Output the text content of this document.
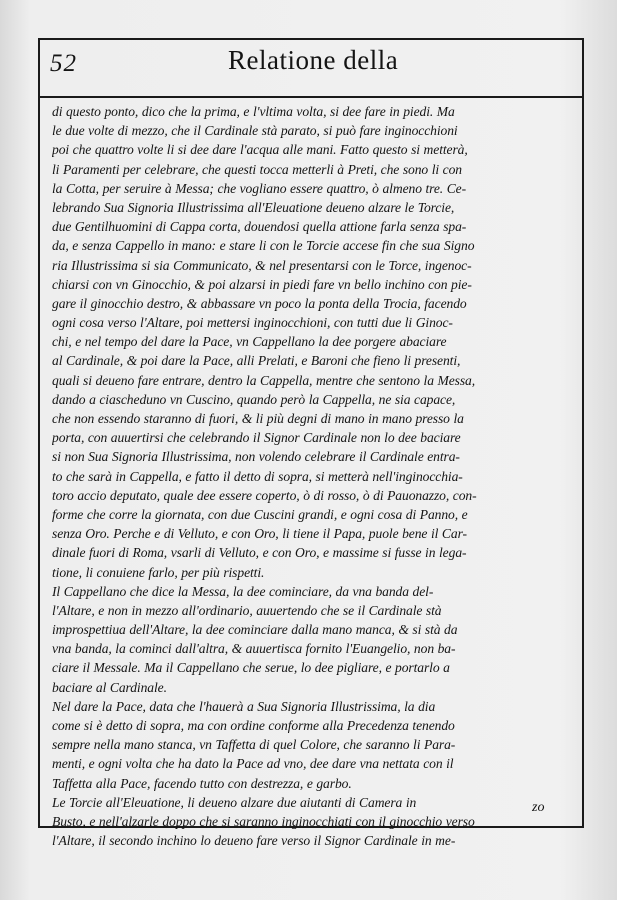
52	Relatione della
di questo ponto, dico che la prima, e l'vltima volta, si dee fare in piedi. Ma
le due volte di mezzo, che il Cardinale stà parato, si può fare inginocchioni
poi che quattro volte li si dee dare l'acqua alle mani. Fatto questo si metterà,
li Paramenti per celebrare, che questi tocca metterli à Preti, che sono li con
la Cotta, per seruire à Messa; che vogliano essere quattro, ò almeno tre. Ce-
lebrando Sua Signoria Illustrissima all'Eleuatione deueno alzare le Torcie,
due Gentilhuomini di Cappa corta, douendosi quella attione farla senza spa-
da, e senza Cappello in mano: e stare li con le Torcie accese fin che sua Signo
ria Illustrissima si sia Communicato, & nel presentarsi con le Torce, ingenoc-
chiarsi con vn Ginocchio, & poi alzarsi in piedi fare vn bello inchino con pie-
gare il ginocchio destro, & abbassare vn poco la ponta della Trocia, facendo
ogni cosa verso l'Altare, poi mettersi inginocchioni, con tutti due li Ginoc-
chi, e nel tempo del dare la Pace, vn Cappellano la dee porgere abaciare
al Cardinale, & poi dare la Pace, alli Prelati, e Baroni che fieno li presenti,
quali si deueno fare entrare, dentro la Cappella, mentre che sentono la Messa,
dando a ciascheduno vn Cuscino, quando però la Cappella, ne sia capace,
che non essendo staranno di fuori, & li più degni di mano in mano presso la
porta, con auuertirsi che celebrando il Signor Cardinale non lo dee baciare
si non Sua Signoria Illustrissima, non volendo celebrare il Cardinale entra-
to che sarà in Cappella, e fatto il detto di sopra, si metterà nell'inginocchia-
toro accio deputato, quale dee essere coperto, ò di rosso, ò di Pauonazzo, con-
forme che corre la giornata, con due Cuscini grandi, e ogni cosa di Panno, e
senza Oro. Perche e di Velluto, e con Oro, li tiene il Papa, puole bene il Car-
dinale fuori di Roma, vsarli di Velluto, e con Oro, e massime si fusse in lega-
tione, li conuiene farlo, per più rispetti.
Il Cappellano che dice la Messa, la dee cominciare, da vna banda del-
l'Altare, e non in mezzo all'ordinario, auuertendo che se il Cardinale stà
improspettiua dell'Altare, la dee cominciare dalla mano manca, & si stà da
vna banda, la cominci dall'altra, & auuertisca fornito l'Euangelio, non ba-
ciare il Messale. Ma il Cappellano che serue, lo dee pigliare, e portarlo a
baciare al Cardinale.
Nel dare la Pace, data che l'hauerà a Sua Signoria Illustrissima, la dia
come si è detto di sopra, ma con ordine conforme alla Precedenza tenendo
sempre nella mano stanca, vn Taffetta di quel Colore, che saranno li Para-
menti, e ogni volta che ha dato la Pace ad vno, dee dare vna nettata con il
Taffetta alla Pace, facendo tutto con destrezza, e garbo.
Le Torcie all'Eleuatione, li deueno alzare due aiutanti di Camera in
Busto, e nell'alzarle doppo che si saranno inginocchiati con il ginocchio verso
l'Altare, il secondo inchino lo deueno fare verso il Signor Cardinale in me-
zo
